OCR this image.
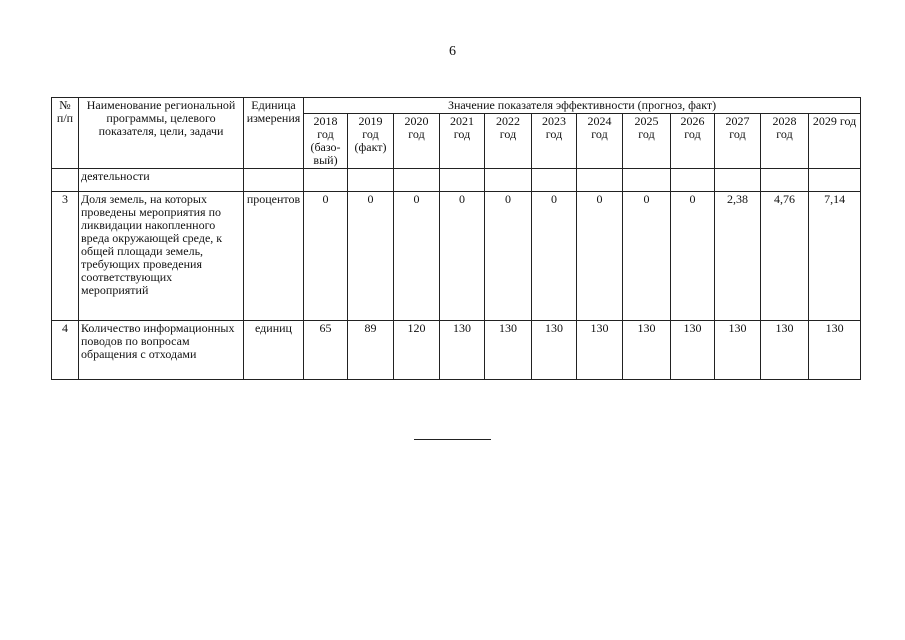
6
№ п/п	Наименование региональной программы, целевого показателя, цели, задачи	Единица измерения	Значение показателя эффективности (прогноз, факт)											
			2018 год (базо-вый)	2019 год (факт)	2020 год	2021 год	2022 год	2023 год	2024 год	2025 год	2026 год	2027 год	2028 год	2029 год
	деятельности													
3	Доля земель, на которых проведены мероприятия по ликвидации накопленного вреда окружающей среде, к общей площади земель, требующих проведения соответствующих мероприятий	процентов	0	0	0	0	0	0	0	0	0	2,38	4,76	7,14
4	Количество информационных поводов по вопросам обращения с отходами	единиц	65	89	120	130	130	130	130	130	130	130	130	130
